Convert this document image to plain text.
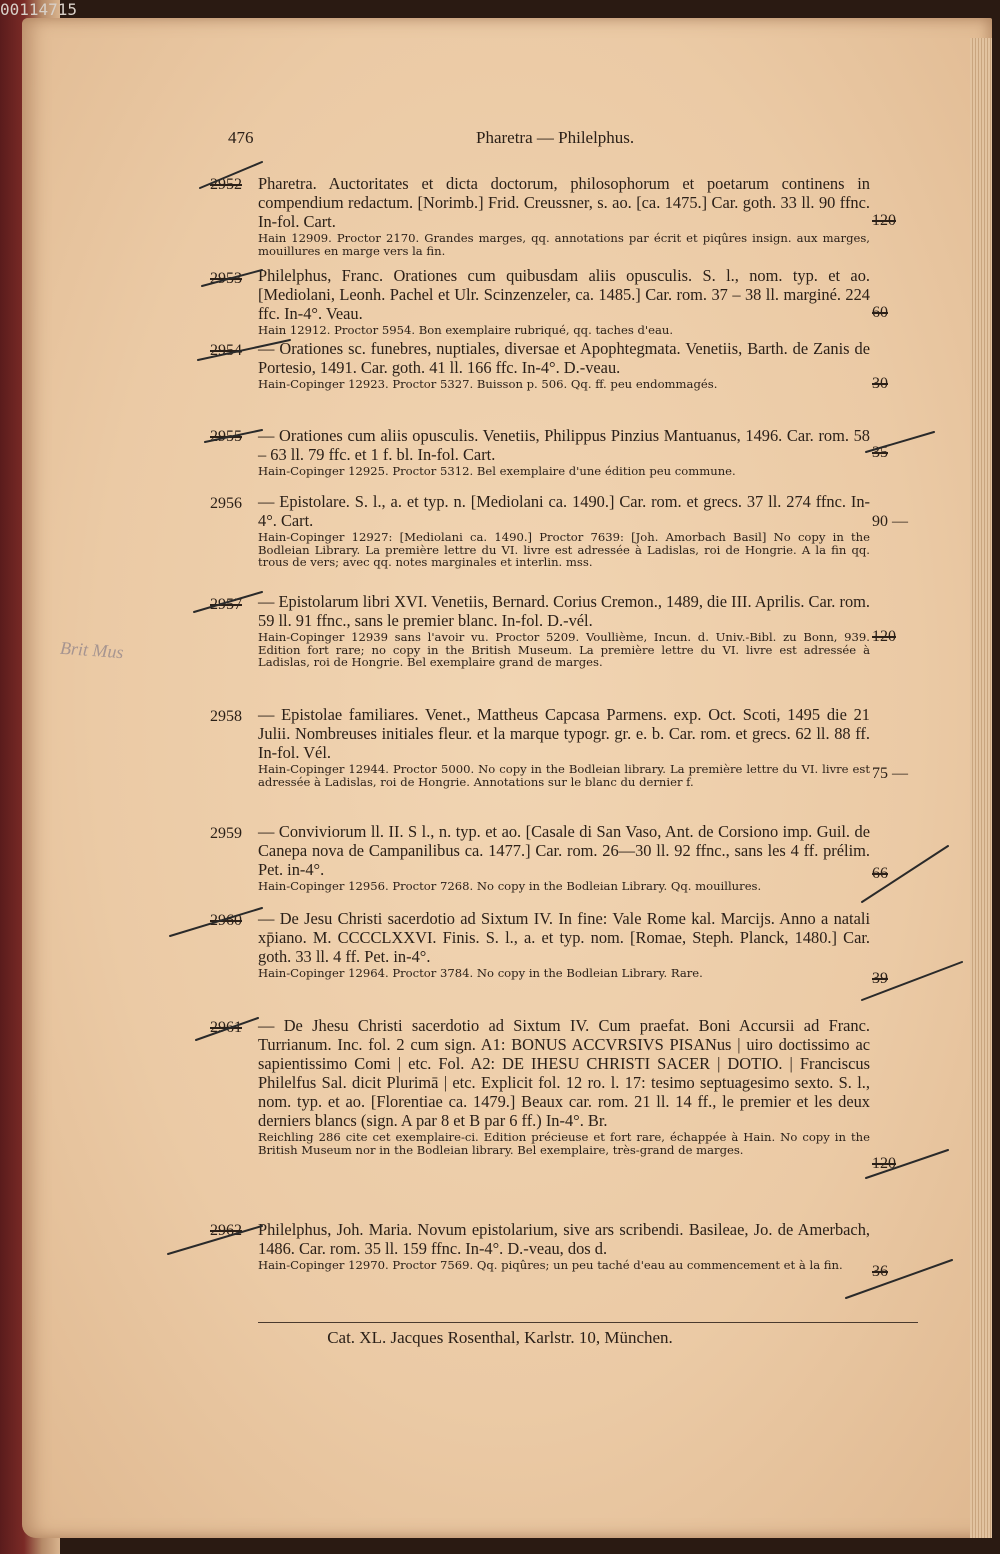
00114715
476	Pharetra — Philelphus.
2952
120
Pharetra. Auctoritates et dicta doctorum, philosophorum et poetarum continens in compendium redactum. [Norimb.] Frid. Creussner, s. ao. [ca. 1475.] Car. goth. 33 ll. 90 ffnc. In-fol. Cart.
Hain 12909. Proctor 2170. Grandes marges, qq. annotations par écrit et piqûres insign. aux marges, mouillures en marge vers la fin.
2953
60
Philelphus, Franc. Orationes cum quibusdam aliis opusculis. S. l., nom. typ. et ao. [Mediolani, Leonh. Pachel et Ulr. Scinzenzeler, ca. 1485.] Car. rom. 37 – 38 ll. marginé. 224 ffc. In-4°. Veau.
Hain 12912. Proctor 5954. Bon exemplaire rubriqué, qq. taches d'eau.
2954
30
— Orationes sc. funebres, nuptiales, diversae et Apophtegmata. Venetiis, Barth. de Zanis de Portesio, 1491. Car. goth. 41 ll. 166 ffc. In-4°. D.-veau.
Hain-Copinger 12923. Proctor 5327. Buisson p. 506. Qq. ff. peu endommagés.
2955
35
— Orationes cum aliis opusculis. Venetiis, Philippus Pinzius Mantuanus, 1496. Car. rom. 58 – 63 ll. 79 ffc. et 1 f. bl. In-fol. Cart.
Hain-Copinger 12925. Proctor 5312. Bel exemplaire d'une édition peu commune.
2956
90 —
— Epistolare. S. l., a. et typ. n. [Mediolani ca. 1490.] Car. rom. et grecs. 37 ll. 274 ffnc. In-4°. Cart.
Hain-Copinger 12927: [Mediolani ca. 1490.] Proctor 7639: [Joh. Amorbach Basil] No copy in the Bodleian Library. La première lettre du VI. livre est adressée à Ladislas, roi de Hongrie. A la fin qq. trous de vers; avec qq. notes marginales et interlin. mss.
2957
120
— Epistolarum libri XVI. Venetiis, Bernard. Corius Cremon., 1489, die III. Aprilis. Car. rom. 59 ll. 91 ffnc., sans le premier blanc. In-fol. D.-vél.
Hain-Copinger 12939 sans l'avoir vu. Proctor 5209. Voullième, Incun. d. Univ.-Bibl. zu Bonn, 939. Edition fort rare; no copy in the British Museum. La première lettre du VI. livre est adressée à Ladislas, roi de Hongrie. Bel exemplaire grand de marges.
2958
75 —
— Epistolae familiares. Venet., Mattheus Capcasa Parmens. exp. Oct. Scoti, 1495 die 21 Julii. Nombreuses initiales fleur. et la marque typogr. gr. e. b. Car. rom. et grecs. 62 ll. 88 ff. In-fol. Vél.
Hain-Copinger 12944. Proctor 5000. No copy in the Bodleian library. La première lettre du VI. livre est adressée à Ladislas, roi de Hongrie. Annotations sur le blanc du dernier f.
2959
66
— Conviviorum ll. II. S l., n. typ. et ao. [Casale di San Vaso, Ant. de Corsiono imp. Guil. de Canepa nova de Campanilibus ca. 1477.] Car. rom. 26—30 ll. 92 ffnc., sans les 4 ff. prélim. Pet. in-4°.
Hain-Copinger 12956. Proctor 7268. No copy in the Bodleian Library. Qq. mouillures.
2960
39
— De Jesu Christi sacerdotio ad Sixtum IV. In fine: Vale Rome kal. Marcijs. Anno a natali xp̄iano. M. CCCCLXXVI. Finis. S. l., a. et typ. nom. [Romae, Steph. Planck, 1480.] Car. goth. 33 ll. 4 ff. Pet. in-4°.
Hain-Copinger 12964. Proctor 3784. No copy in the Bodleian Library. Rare.
2961
120
— De Jhesu Christi sacerdotio ad Sixtum IV. Cum praefat. Boni Accursii ad Franc. Turrianum. Inc. fol. 2 cum sign. A1: BONUS ACCVRSIVS PISANus | uiro doctissimo ac sapientissimo Comi | etc. Fol. A2: DE IHESU CHRISTI SACER | DOTIO. | Franciscus Philelfus Sal. dicit Plurimā | etc. Explicit fol. 12 ro. l. 17: tesimo septuagesimo sexto. S. l., nom. typ. et ao. [Florentiae ca. 1479.] Beaux car. rom. 21 ll. 14 ff., le premier et les deux derniers blancs (sign. A par 8 et B par 6 ff.) In-4°. Br.
Reichling 286 cite cet exemplaire-ci. Edition précieuse et fort rare, échappée à Hain. No copy in the British Museum nor in the Bodleian library. Bel exemplaire, très-grand de marges.
2962
36
Philelphus, Joh. Maria. Novum epistolarium, sive ars scribendi. Basileae, Jo. de Amerbach, 1486. Car. rom. 35 ll. 159 ffnc. In-4°. D.-veau, dos d.
Hain-Copinger 12970. Proctor 7569. Qq. piqûres; un peu taché d'eau au commencement et à la fin.
Cat. XL. Jacques Rosenthal, Karlstr. 10, München.
Brit Mus
